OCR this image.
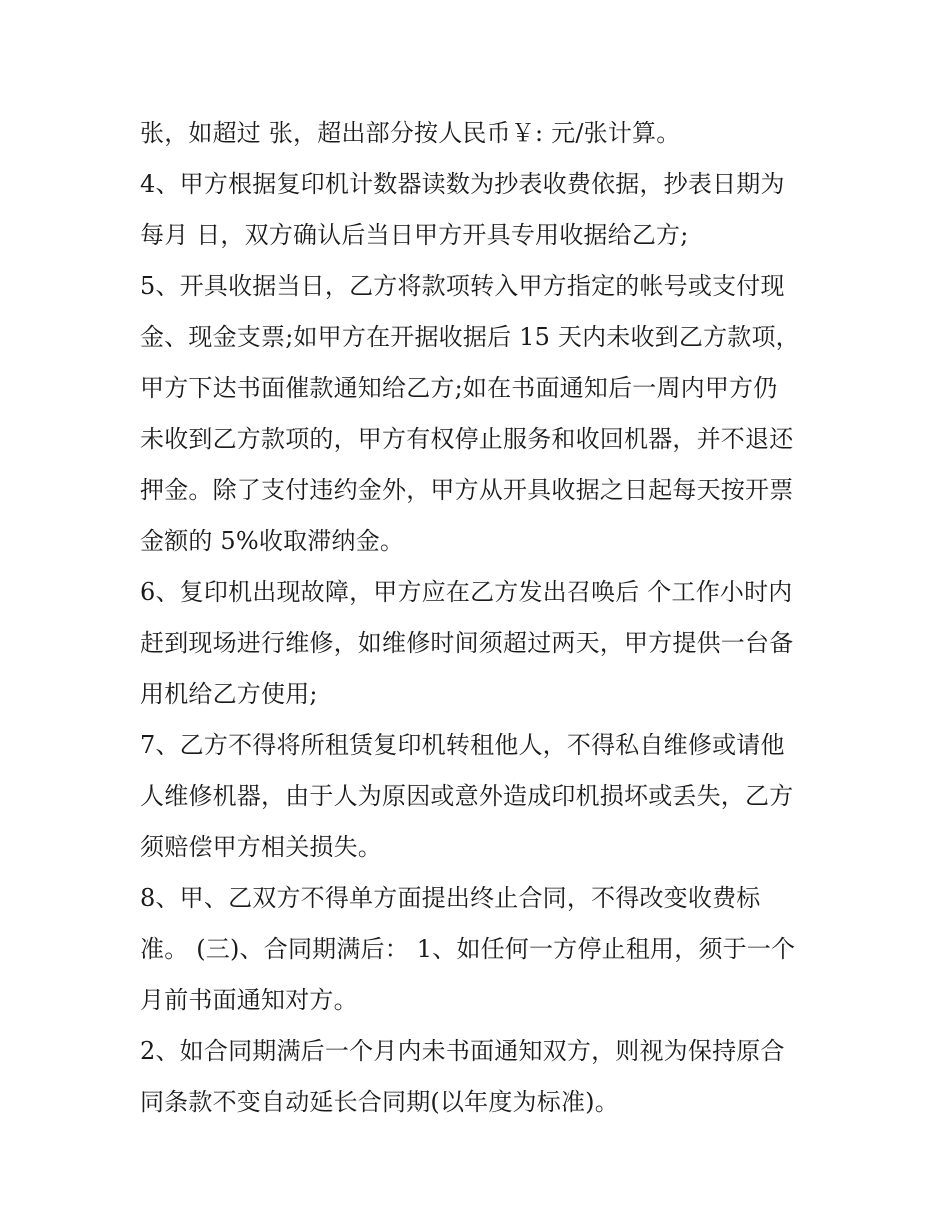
张，如超过 张，超出部分按人民币￥: 元/张计算。
4、甲方根据复印机计数器读数为抄表收费依据，抄表日期为
每月 日，双方确认后当日甲方开具专用收据给乙方;
5、开具收据当日，乙方将款项转入甲方指定的帐号或支付现
金、现金支票;如甲方在开据收据后 15 天内未收到乙方款项，
甲方下达书面催款通知给乙方;如在书面通知后一周内甲方仍
未收到乙方款项的，甲方有权停止服务和收回机器，并不退还
押金。除了支付违约金外，甲方从开具收据之日起每天按开票
金额的 5%收取滞纳金。
6、复印机出现故障，甲方应在乙方发出召唤后 个工作小时内
赶到现场进行维修，如维修时间须超过两天，甲方提供一台备
用机给乙方使用;
7、乙方不得将所租赁复印机转租他人，不得私自维修或请他
人维修机器，由于人为原因或意外造成印机损坏或丢失，乙方
须赔偿甲方相关损失。
8、甲、乙双方不得单方面提出终止合同，不得改变收费标
准。 (三)、合同期满后： 1、如任何一方停止租用，须于一个
月前书面通知对方。
2、如合同期满后一个月内未书面通知双方，则视为保持原合
同条款不变自动延长合同期(以年度为标准)。
